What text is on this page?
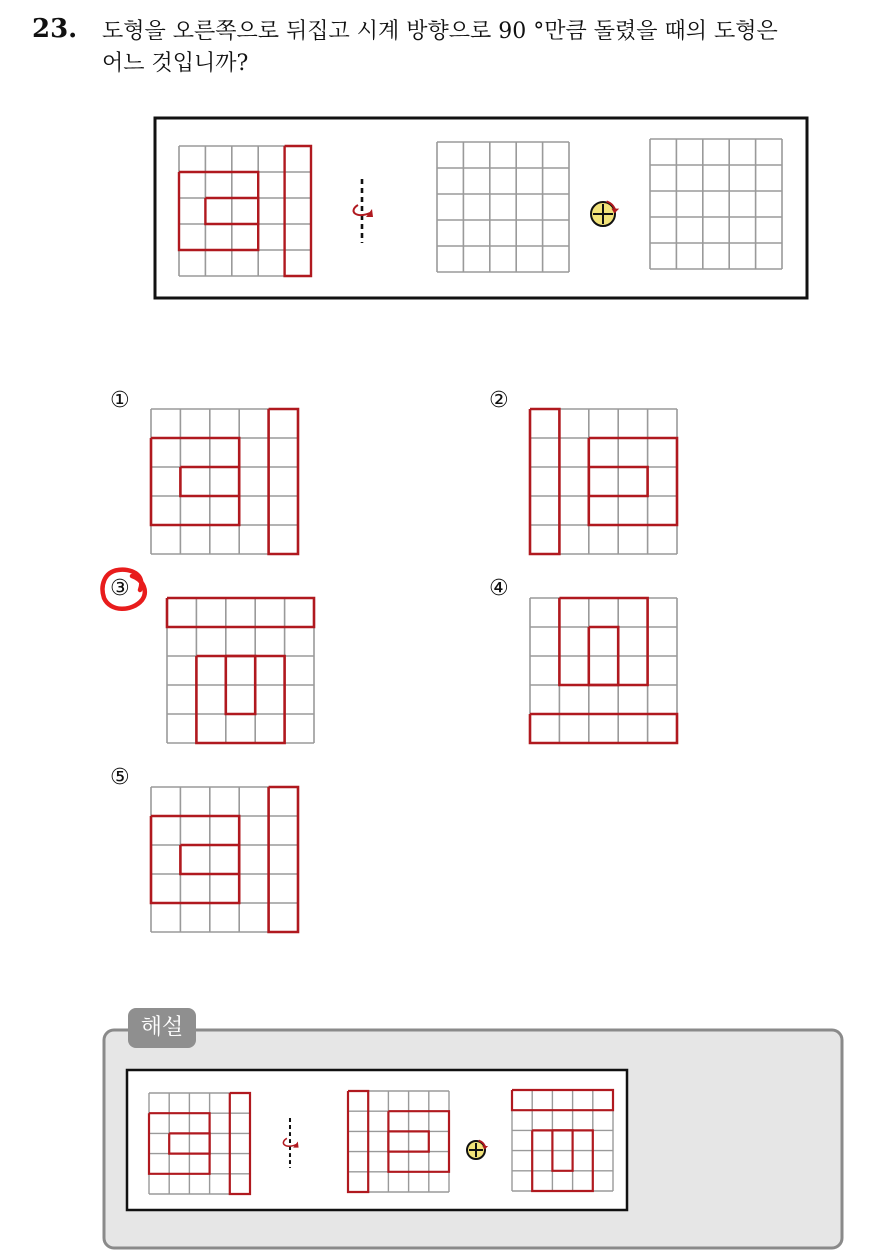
23. 도형을 오른쪽으로 뒤집고 시계 방향으로 90 °만큼 돌렸을 때의 도형은
어느 것입니까?
①	②
③	④
⑤
해설
